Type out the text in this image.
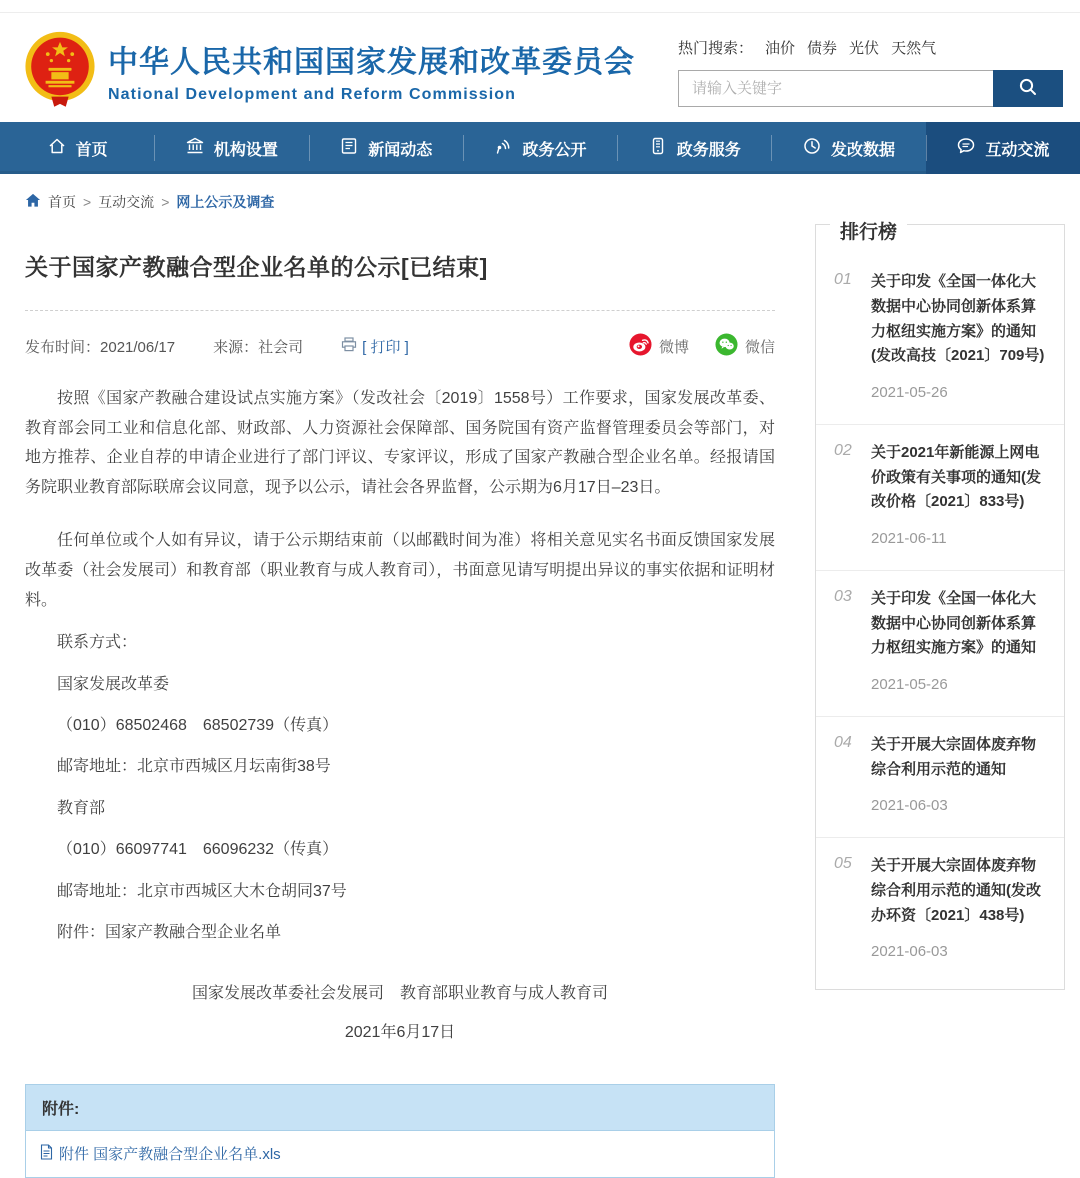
中华人民共和国国家发展和改革委员会
National Development and Reform Commission
热门搜索： 油价 债券 光伏 天然气
请输入关键字
首页	机构设置	新闻动态	政务公开	政务服务	发改数据	互动交流
首页 > 互动交流 > 网上公示及调查
关于国家产教融合型企业名单的公示[已结束]
发布时间：2021/06/17	来源：社会司	[ 打印 ]	微博	微信

按照《国家产教融合建设试点实施方案》（发改社会〔2019〕1558号）工作要求，国家发展改革委、教育部会同工业和信息化部、财政部、人力资源社会保障部、国务院国有资产监督管理委员会等部门，对地方推荐、企业自荐的申请企业进行了部门评议、专家评议，形成了国家产教融合型企业名单。经报请国务院职业教育部际联席会议同意，现予以公示，请社会各界监督，公示期为6月17日–23日。

任何单位或个人如有异议，请于公示期结束前（以邮戳时间为准）将相关意见实名书面反馈国家发展改革委（社会发展司）和教育部（职业教育与成人教育司），书面意见请写明提出异议的事实依据和证明材料。

联系方式：

国家发展改革委

（010）68502468　68502739（传真）

邮寄地址：北京市西城区月坛南街38号

教育部

（010）66097741　66096232（传真）

邮寄地址：北京市西城区大木仓胡同37号

附件：国家产教融合型企业名单

国家发展改革委社会发展司　教育部职业教育与成人教育司

2021年6月17日

附件:
附件 国家产教融合型企业名单.xls
排行榜
01	关于印发《全国一体化大数据中心协同创新体系算力枢纽实施方案》的通知(发改高技〔2021〕709号)
2021-05-26
02	关于2021年新能源上网电价政策有关事项的通知(发改价格〔2021〕833号)
2021-06-11
03	关于印发《全国一体化大数据中心协同创新体系算力枢纽实施方案》的通知
2021-05-26
04	关于开展大宗固体废弃物综合利用示范的通知
2021-06-03
05	关于开展大宗固体废弃物综合利用示范的通知(发改办环资〔2021〕438号)
2021-06-03
